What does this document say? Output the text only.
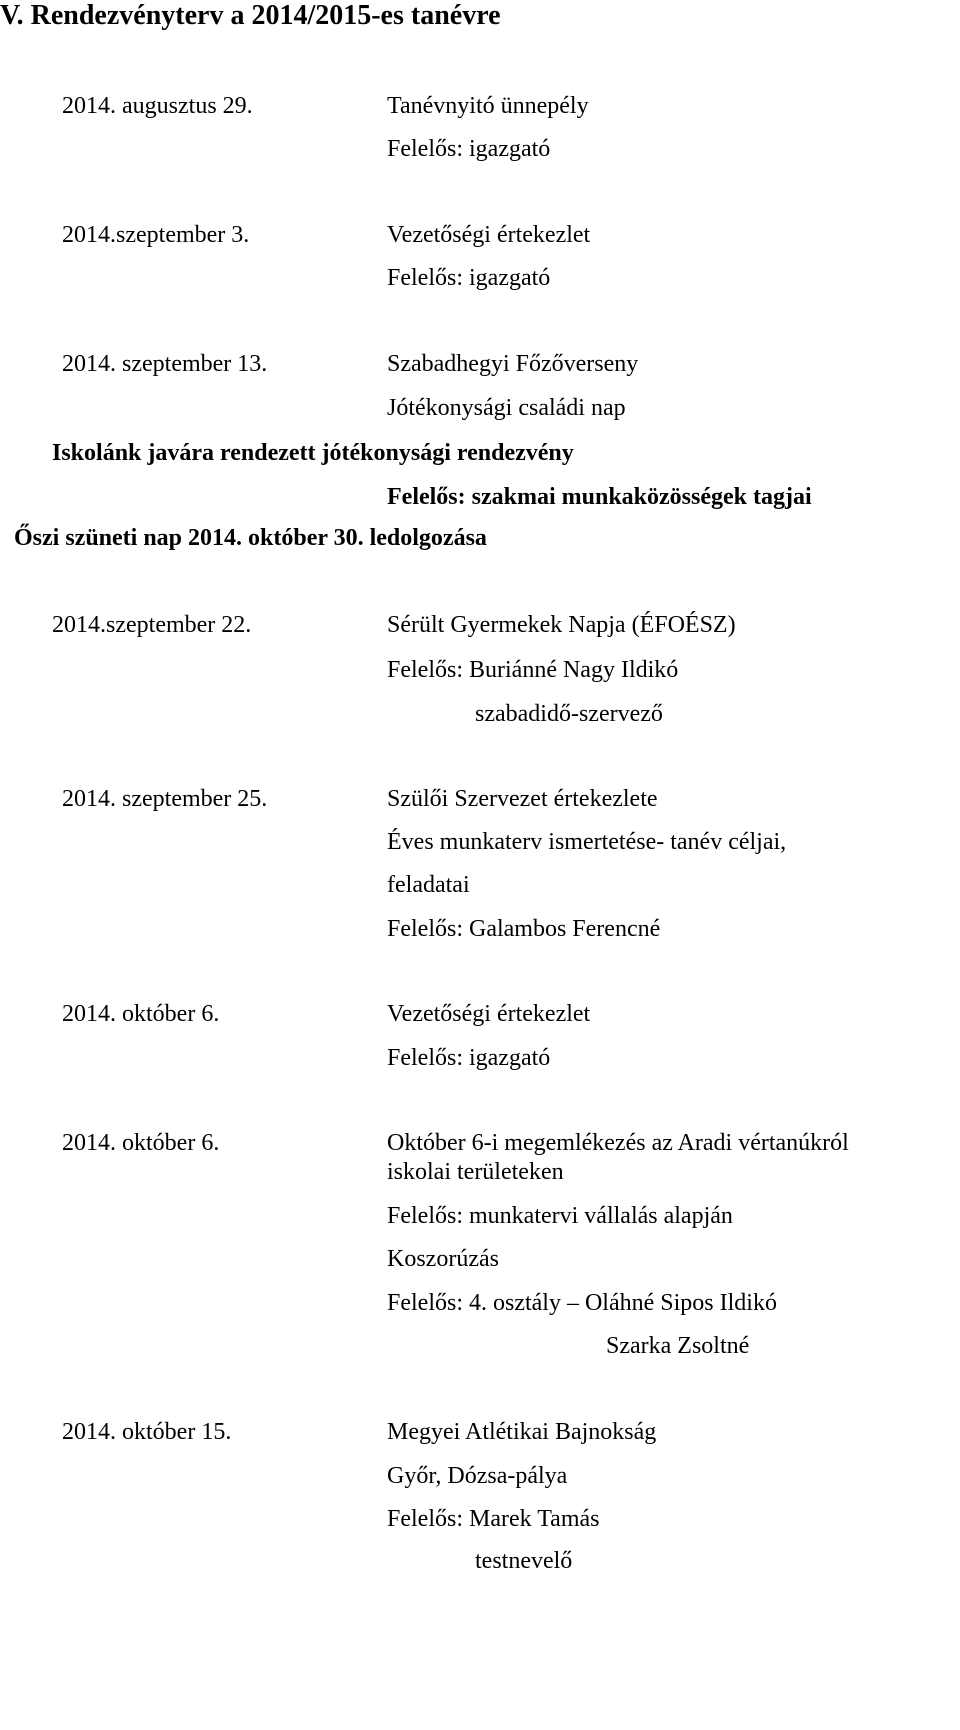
V. Rendezvényterv a 2014/2015-es tanévre
2014. augusztus 29.	Tanévnyitó ünnepély
Felelős: igazgató
2014.szeptember 3.	Vezetőségi értekezlet
Felelős: igazgató
2014. szeptember 13.	Szabadhegyi Főzőverseny
Jótékonysági családi nap
Iskolánk javára rendezett jótékonysági rendezvény
Felelős: szakmai munkaközösségek tagjai
Őszi szüneti nap 2014. október 30. ledolgozása
2014.szeptember 22.	Sérült Gyermekek Napja (ÉFOÉSZ)
Felelős: Buriánné Nagy Ildikó
szabadidő-szervező
2014. szeptember 25.	Szülői Szervezet értekezlete
Éves munkaterv ismertetése- tanév céljai,
feladatai
Felelős: Galambos Ferencné
2014. október 6.	Vezetőségi értekezlet
Felelős: igazgató
2014. október 6.	Október 6-i megemlékezés az Aradi vértanúkról
iskolai területeken
Felelős: munkatervi vállalás alapján
Koszorúzás
Felelős: 4. osztály – Oláhné Sipos Ildikó
Szarka Zsoltné
2014. október 15.	Megyei Atlétikai Bajnokság
Győr, Dózsa-pálya
Felelős: Marek Tamás
testnevelő
